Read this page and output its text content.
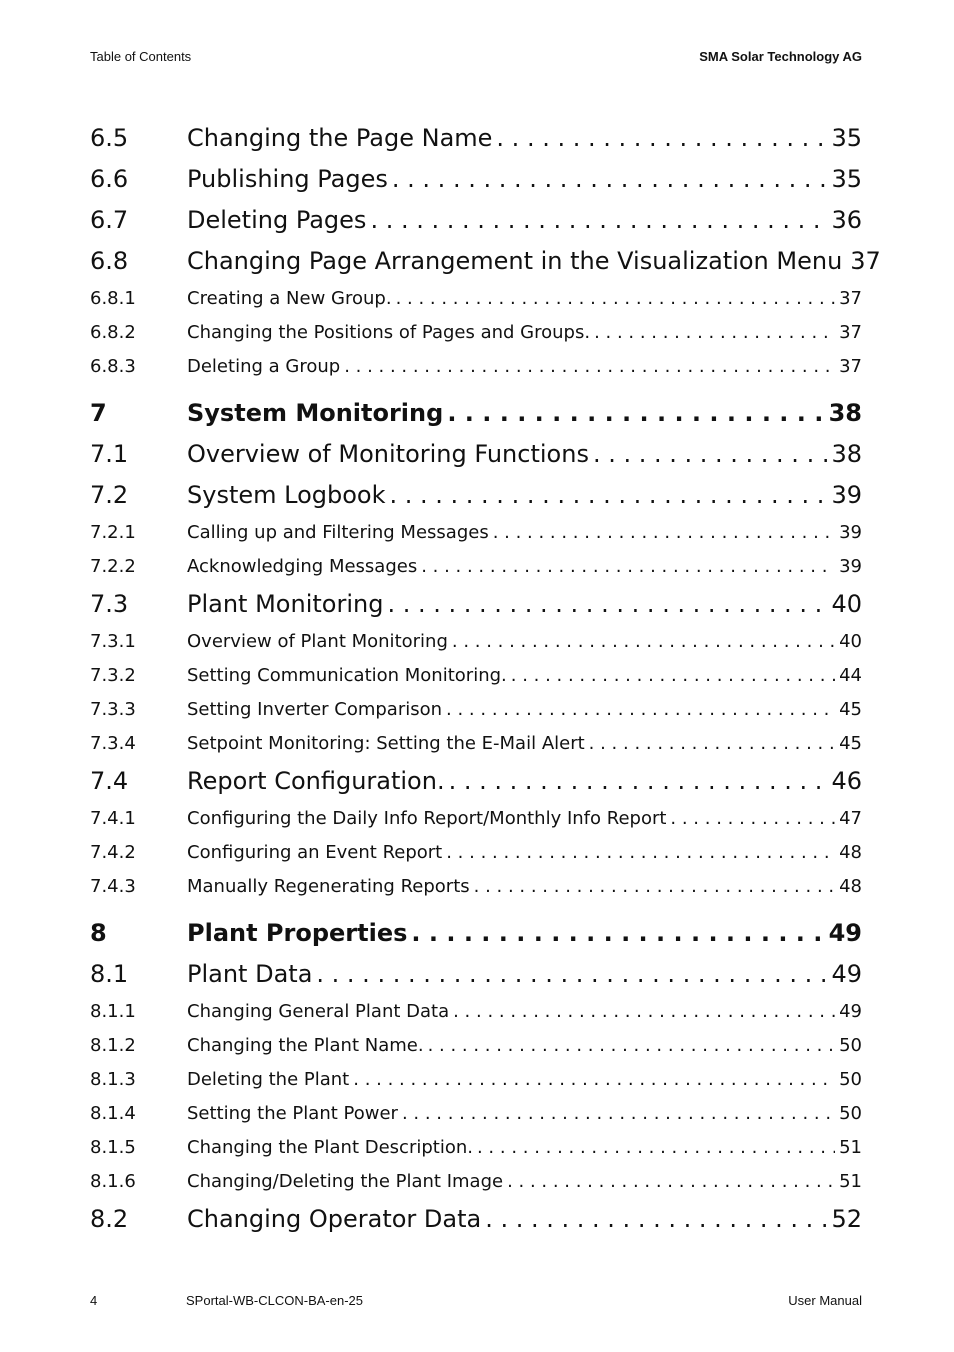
Table of Contents	SMA Solar Technology AG
6.5	Changing the Page Name . . .	35
6.6	Publishing Pages . . .	35
6.7	Deleting Pages . . .	36
6.8	Changing Page Arrangement in the Visualization Menu 37
6.8.1	Creating a New Group. . . .	37
6.8.2	Changing the Positions of Pages and Groups. . . .	37
6.8.3	Deleting a Group . . .	37
7	System Monitoring . . .	38
7.1	Overview of Monitoring Functions . . .	38
7.2	System Logbook . . .	39
7.2.1	Calling up and Filtering Messages . . .	39
7.2.2	Acknowledging Messages . . .	39
7.3	Plant Monitoring . . .	40
7.3.1	Overview of Plant Monitoring . . .	40
7.3.2	Setting Communication Monitoring. . . .	44
7.3.3	Setting Inverter Comparison . . .	45
7.3.4	Setpoint Monitoring: Setting the E-Mail Alert . . .	45
7.4	Report Configuration. . . .	46
7.4.1	Configuring the Daily Info Report/Monthly Info Report . . .	47
7.4.2	Configuring an Event Report . . .	48
7.4.3	Manually Regenerating Reports . . .	48
8	Plant Properties . . .	49
8.1	Plant Data . . .	49
8.1.1	Changing General Plant Data . . .	49
8.1.2	Changing the Plant Name. . . .	50
8.1.3	Deleting the Plant . . .	50
8.1.4	Setting the Plant Power . . .	50
8.1.5	Changing the Plant Description. . . .	51
8.1.6	Changing/Deleting the Plant Image . . .	51
8.2	Changing Operator Data . . .	52
4	SPortal-WB-CLCON-BA-en-25	User Manual
